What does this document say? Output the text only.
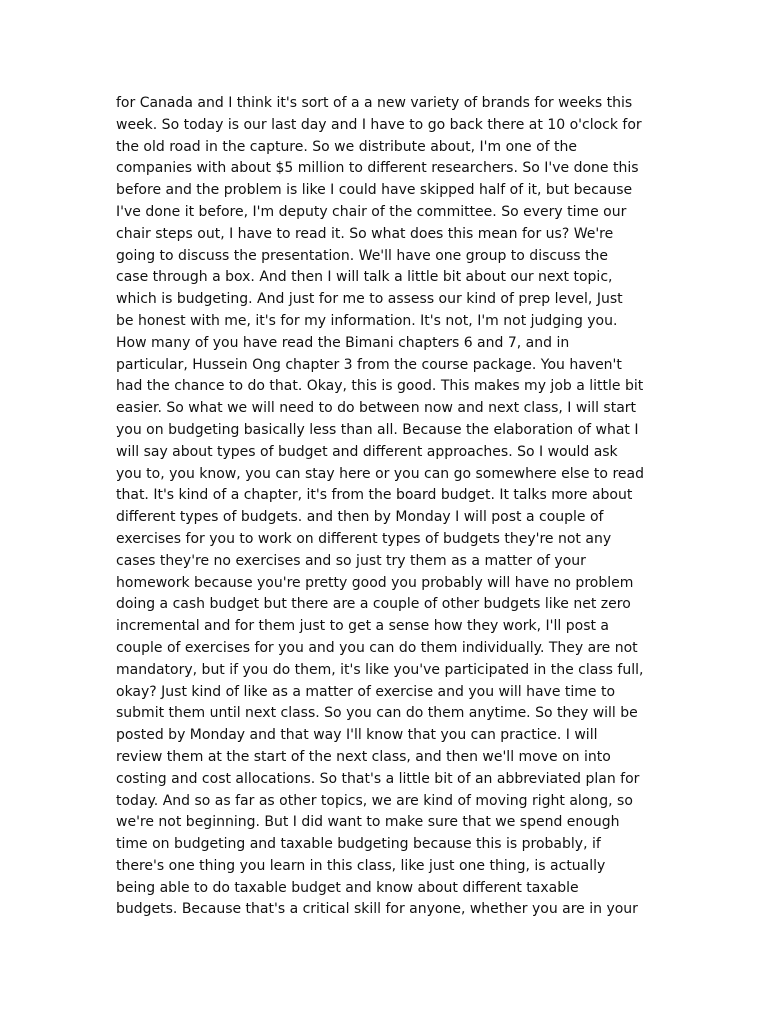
for Canada and I think it's sort of a a new variety of brands for weeks this
week. So today is our last day and I have to go back there at 10 o'clock for
the old road in the capture. So we distribute about, I'm one of the
companies with about $5 million to different researchers. So I've done this
before and the problem is like I could have skipped half of it, but because
I've done it before, I'm deputy chair of the committee. So every time our
chair steps out, I have to read it. So what does this mean for us? We're
going to discuss the presentation. We'll have one group to discuss the
case through a box. And then I will talk a little bit about our next topic,
which is budgeting. And just for me to assess our kind of prep level, Just
be honest with me, it's for my information. It's not, I'm not judging you.
How many of you have read the Bimani chapters 6 and 7, and in
particular, Hussein Ong chapter 3 from the course package. You haven't
had the chance to do that. Okay, this is good. This makes my job a little bit
easier. So what we will need to do between now and next class, I will start
you on budgeting basically less than all. Because the elaboration of what I
will say about types of budget and different approaches. So I would ask
you to, you know, you can stay here or you can go somewhere else to read
that. It's kind of a chapter, it's from the board budget. It talks more about
different types of budgets. and then by Monday I will post a couple of
exercises for you to work on different types of budgets they're not any
cases they're no exercises and so just try them as a matter of your
homework because you're pretty good you probably will have no problem
doing a cash budget but there are a couple of other budgets like net zero
incremental and for them just to get a sense how they work, I'll post a
couple of exercises for you and you can do them individually. They are not
mandatory, but if you do them, it's like you've participated in the class full,
okay? Just kind of like as a matter of exercise and you will have time to
submit them until next class. So you can do them anytime. So they will be
posted by Monday and that way I'll know that you can practice. I will
review them at the start of the next class, and then we'll move on into
costing and cost allocations. So that's a little bit of an abbreviated plan for
today. And so as far as other topics, we are kind of moving right along, so
we're not beginning. But I did want to make sure that we spend enough
time on budgeting and taxable budgeting because this is probably, if
there's one thing you learn in this class, like just one thing, is actually
being able to do taxable budget and know about different taxable
budgets. Because that's a critical skill for anyone, whether you are in your
